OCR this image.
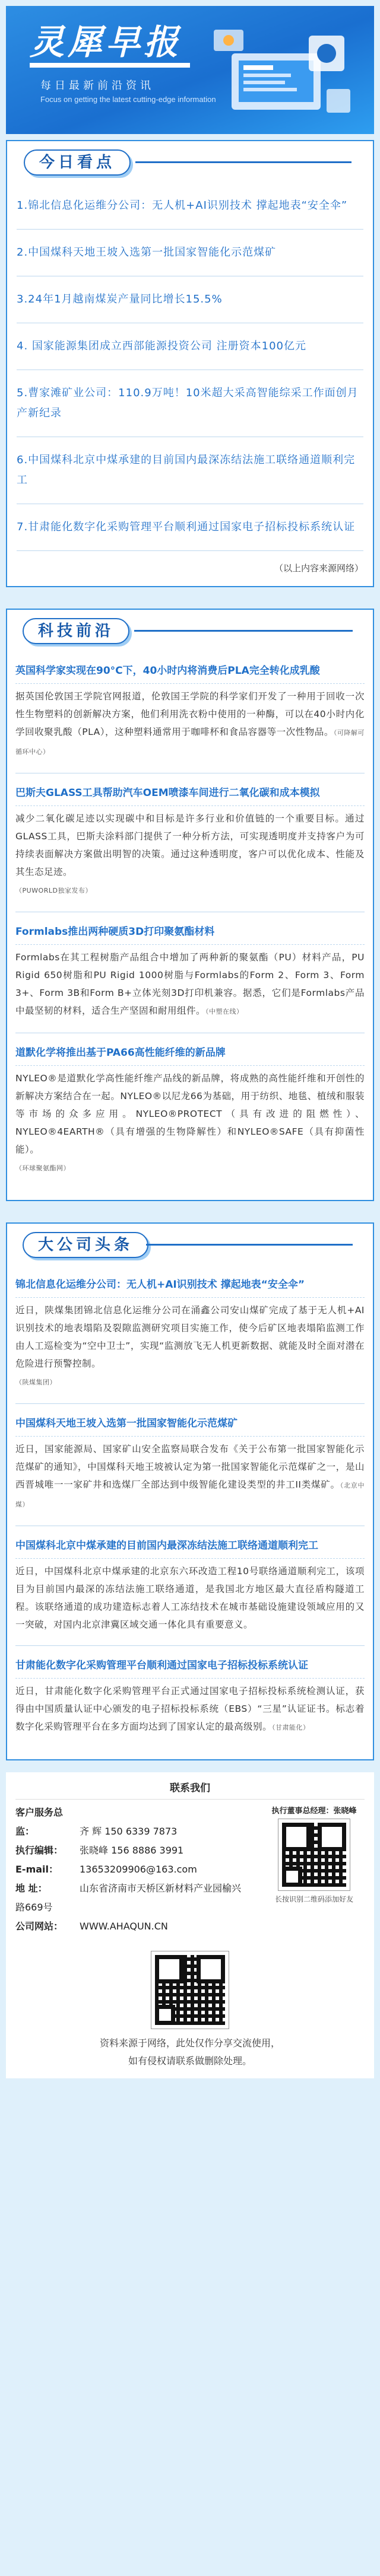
灵犀早报
每日最新前沿资讯
Focus on getting the latest cutting-edge information
今日看点
1.锦北信息化运维分公司：无人机+AI识别技术 撑起地表“安全伞”
2.中国煤科天地王坡入选第一批国家智能化示范煤矿
3.24年1月越南煤炭产量同比增长15.5%
4. 国家能源集团成立西部能源投资公司 注册资本100亿元
5.曹家滩矿业公司：110.9万吨！10米超大采高智能综采工作面创月产新纪录
6.中国煤科北京中煤承建的目前国内最深冻结法施工联络通道顺利完工
7.甘肃能化数字化采购管理平台顺利通过国家电子招标投标系统认证
（以上内容来源网络）
科技前沿
英国科学家实现在90°C下，40小时内将消费后PLA完全转化成乳酸
据英国伦敦国王学院官网报道，伦敦国王学院的科学家们开发了一种用于回收一次性生物塑料的创新解决方案，他们利用洗衣粉中使用的一种酶，可以在40小时内化学回收聚乳酸（PLA），这种塑料通常用于咖啡杯和食品容器等一次性物品。（可降解可循环中心）
巴斯夫GLASS工具帮助汽车OEM喷漆车间进行二氧化碳和成本模拟
减少二氧化碳足迹以实现碳中和目标是许多行业和价值链的一个重要目标。通过GLASS工具，巴斯夫涂料部门提供了一种分析方法，可实现透明度并支持客户为可持续表面解决方案做出明智的决策。通过这种透明度，客户可以优化成本、性能及其生态足迹。
（PUWORLD独家发布）
Formlabs推出两种硬质3D打印聚氨酯材料
Formlabs在其工程树脂产品组合中增加了两种新的聚氨酯（PU）材料产品，PU Rigid 650树脂和PU Rigid 1000树脂与Formlabs的Form 2、Form 3、Form 3+、Form 3B和Form B+立体光刻3D打印机兼容。据悉，它们是Formlabs产品中最坚韧的材料，适合生产坚固和耐用组件。（中塑在线）
道默化学将推出基于PA66高性能纤维的新品牌
NYLEO®是道默化学高性能纤维产品线的新品牌，将成熟的高性能纤维和开创性的新解决方案结合在一起。NYLEO®以尼龙66为基础，用于纺织、地毯、植绒和服装等市场的众多应用。NYLEO®PROTECT（具有改进的阻燃性）、NYLEO®4EARTH®（具有增强的生物降解性）和NYLEO®SAFE（具有抑菌性能）。
（环球聚氨酯网）
大公司头条
锦北信息化运维分公司：无人机+AI识别技术 撑起地表“安全伞”
近日，陕煤集团锦北信息化运维分公司在涌鑫公司安山煤矿完成了基于无人机+AI识别技术的地表塌陷及裂隙监测研究项目实施工作，使今后矿区地表塌陷监测工作由人工巡检变为“空中卫士”，实现“监测放飞无人机更新数据、就能及时全面对潜在危险进行预警控制。
（陕煤集团）
中国煤科天地王坡入选第一批国家智能化示范煤矿
近日，国家能源局、国家矿山安全监察局联合发布《关于公布第一批国家智能化示范煤矿的通知》，中国煤科天地王坡被认定为第一批国家智能化示范煤矿之一，是山西晋城唯一一家矿井和选煤厂全部达到中级智能化建设类型的井工II类煤矿。（北京中煤）
中国煤科北京中煤承建的目前国内最深冻结法施工联络通道顺利完工
近日，中国煤科北京中煤承建的北京东六环改造工程10号联络通道顺利完工，该项目为目前国内最深的冻结法施工联络通道，是我国北方地区最大直径盾构隧道工程。该联络通道的成功建造标志着人工冻结技术在城市基础设施建设领域应用的又一突破，对国内北京津冀区域交通一体化具有重要意义。
甘肃能化数字化采购管理平台顺利通过国家电子招标投标系统认证
近日，甘肃能化数字化采购管理平台正式通过国家电子招标投标系统检测认证，获得由中国质量认证中心颁发的电子招标投标系统（EBS）“三星”认证证书。标志着数字化采购管理平台在多方面均达到了国家认定的最高级别。（甘肃能化）
联系我们
客户服务总监：	齐 辉 150 6339 7873
执行编辑： 张晓峰 156 8886 3991
E-mail： 13653209906@163.com
地 址：	山东省济南市天桥区新材料产业园榆兴路669号
公司网站： WWW.AHAQUN.CN
执行董事总经理：张晓峰
长按识别二维码添加好友
资料来源于网络，此处仅作分享交流使用，
如有侵权请联系做删除处理。
